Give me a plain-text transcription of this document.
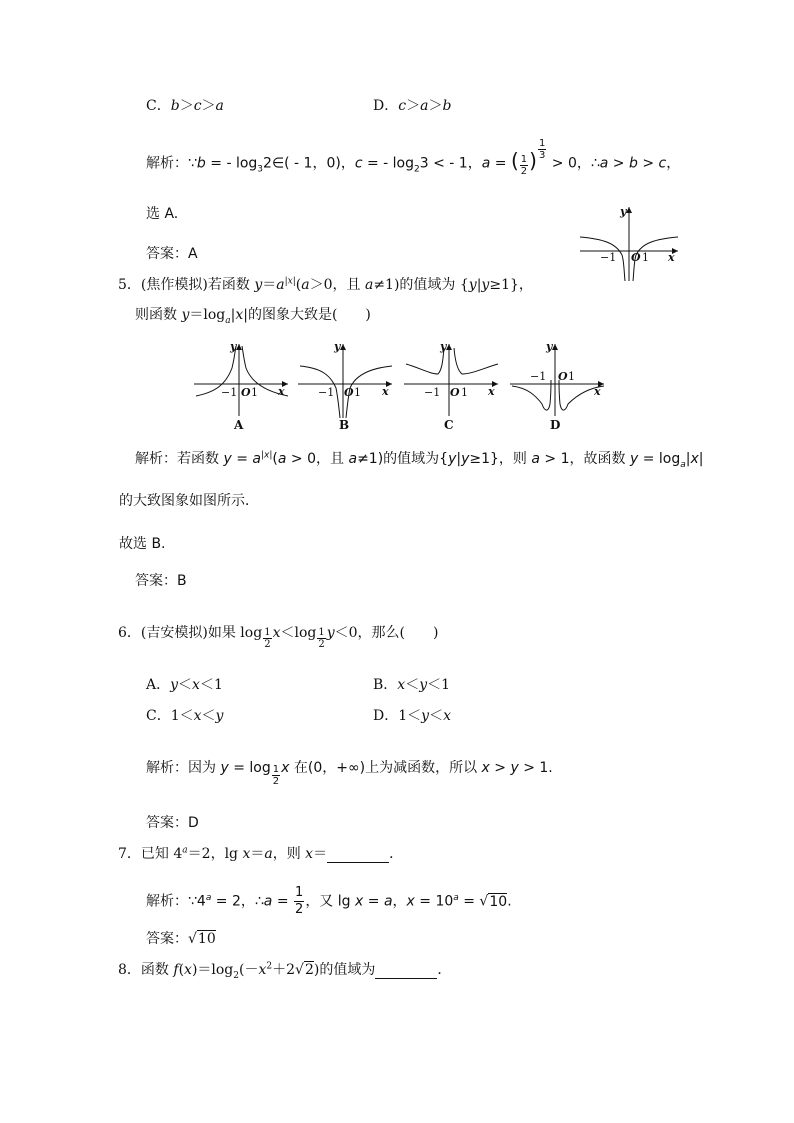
C．b＞c＞a	D．c＞a＞b
解析：∵b = - $\log_32\in( - 1$，0)，c = - $\log_23$ < - 1，a = ( $\frac{1}{2}$ ) $^{\frac{1}{3}}$
> 0，∴a > b > c，
选 A.
答案：A
y
−1 O 1 x
5．(焦作模拟)若函数 $y=a^{|x|}(a>0$，且 a≠1)的值域为 {y|y≥1}，
则函数 $y=\log_a|x|$的图象大致是(　　)
y
−1 O 1 x
A
y
−1 O 1 x
B
y
−1 O 1 x
C
y
−1 O 1
x
D
解析：若函数 $y = a^{|x|}(a > 0$，且 a≠1)的值域为{y|y≥1}，则 a > 1，故函数 $y = \log_a|x|$
的大致图象如图所示．
故选 B.
答案：B
6．(吉安模拟)如果 $\log \frac{1}{2} x<\log \frac{1}{2} y<0$，那么(　　)
A．y＜x＜1	B．x＜y＜1
C．1＜x＜y	D．1＜y＜x
解析：因为 $y = \log \frac{1}{2}$ x 在(0，+∞)上为减函数，所以 x > y > 1.
答案：D
7．已知 $4^a=2$，lg x＝a，则 x＝	．
解析：$\because 4^a = 2$，∴a = $\frac{1}{2}$ ，又 lg x = a，$x = 10^a = √10$.
答案：√10
8．函数 $f(x)=\log_2(-x^2+2√2)$的值域为	．
